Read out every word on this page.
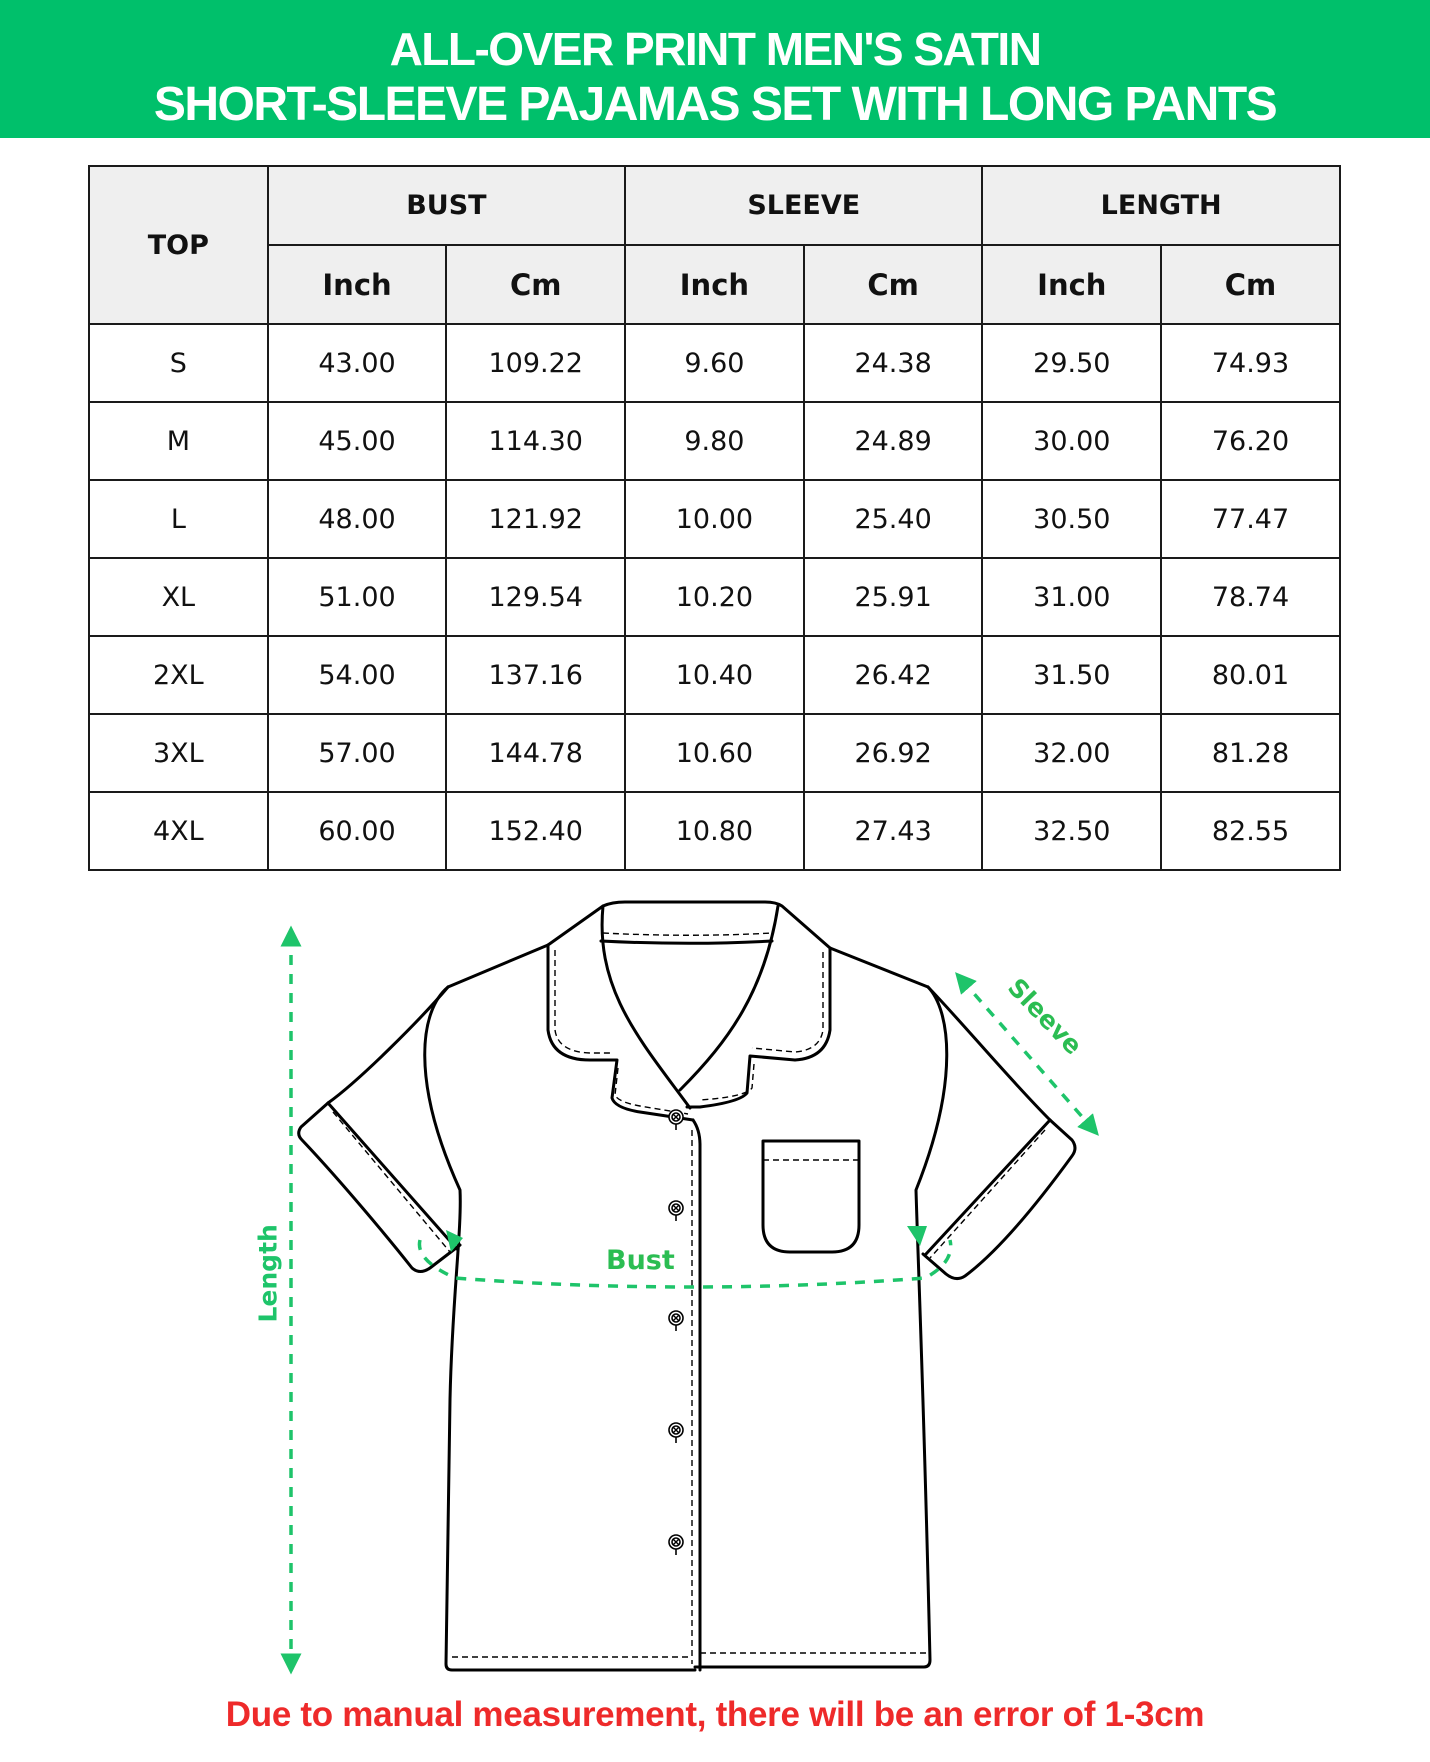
ALL-OVER PRINT MEN'S SATIN
SHORT-SLEEVE PAJAMAS SET WITH LONG PANTS
TOP	BUST		SLEEVE		LENGTH	
	Inch	Cm	Inch	Cm	Inch	Cm
S	43.00	109.22	9.60	24.38	29.50	74.93
M	45.00	114.30	9.80	24.89	30.00	76.20
L	48.00	121.92	10.00	25.40	30.50	77.47
XL	51.00	129.54	10.20	25.91	31.00	78.74
2XL	54.00	137.16	10.40	26.42	31.50	80.01
3XL	57.00	144.78	10.60	26.92	32.00	81.28
4XL	60.00	152.40	10.80	27.43	32.50	82.55
Length	Bust
Sleeve
Due to manual measurement, there will be an error of 1-3cm
